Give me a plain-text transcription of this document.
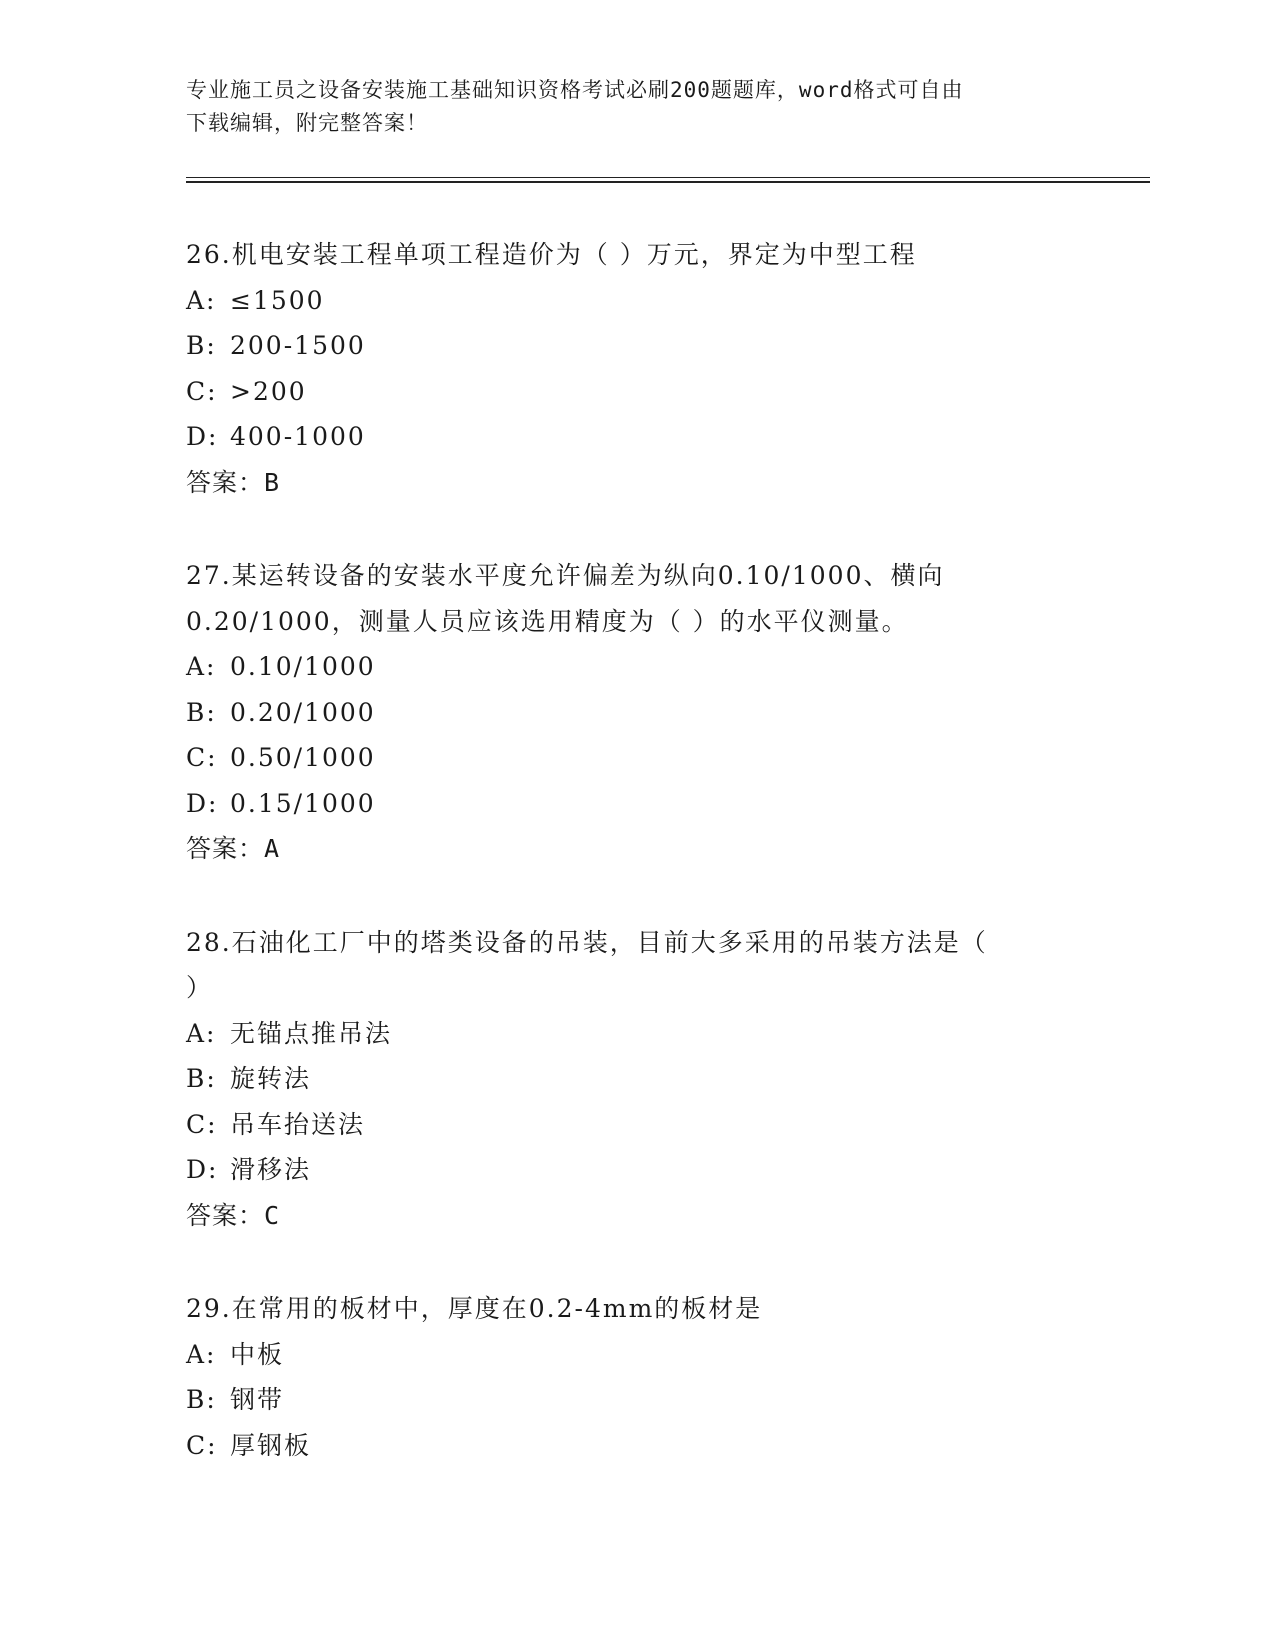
专业施工员之设备安装施工基础知识资格考试必刷200题题库，word格式可自由
下载编辑，附完整答案！
26.机电安装工程单项工程造价为（ ）万元，界定为中型工程
A: ≤1500
B: 200-1500
C: >200
D: 400-1000
答案：B
27.某运转设备的安装水平度允许偏差为纵向0.10/1000、横向
0.20/1000，测量人员应该选用精度为（ ）的水平仪测量。
A: 0.10/1000
B: 0.20/1000
C: 0.50/1000
D: 0.15/1000
答案：A
28.石油化工厂中的塔类设备的吊装，目前大多采用的吊装方法是（
）
A: 无锚点推吊法
B: 旋转法
C: 吊车抬送法
D: 滑移法
答案：C
29.在常用的板材中，厚度在0.2-4mm的板材是
A: 中板
B: 钢带
C: 厚钢板
